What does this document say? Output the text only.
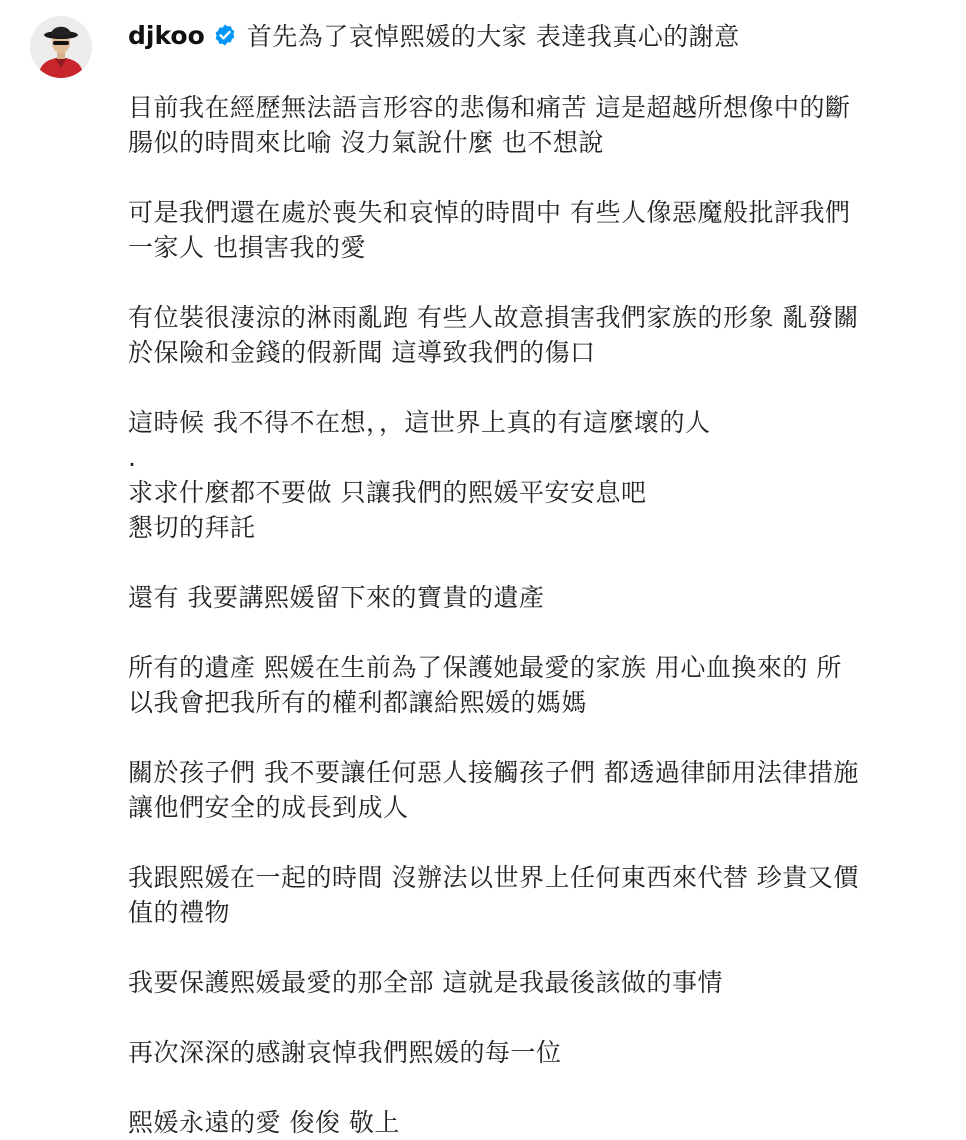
djkoo 首先為了哀悼熙媛的大家 表達我真心的謝意
目前我在經歷無法語言形容的悲傷和痛苦 這是超越所想像中的斷
腸似的時間來比喻 沒力氣說什麼 也不想說
可是我們還在處於喪失和哀悼的時間中 有些人像惡魔般批評我們
一家人 也損害我的愛
有位裝很淒涼的淋雨亂跑 有些人故意損害我們家族的形象 亂發關
於保險和金錢的假新聞 這導致我們的傷口
這時候 我不得不在想，，這世界上真的有這麼壞的人
.
求求什麼都不要做 只讓我們的熙媛平安安息吧
懇切的拜託
還有 我要講熙媛留下來的寶貴的遺產
所有的遺產 熙媛在生前為了保護她最愛的家族 用心血換來的 所
以我會把我所有的權利都讓給熙媛的媽媽
關於孩子們 我不要讓任何惡人接觸孩子們 都透過律師用法律措施
讓他們安全的成長到成人
我跟熙媛在一起的時間 沒辦法以世界上任何東西來代替 珍貴又價
值的禮物
我要保護熙媛最愛的那全部 這就是我最後該做的事情
再次深深的感謝哀悼我們熙媛的每一位
熙媛永遠的愛 俊俊 敬上
